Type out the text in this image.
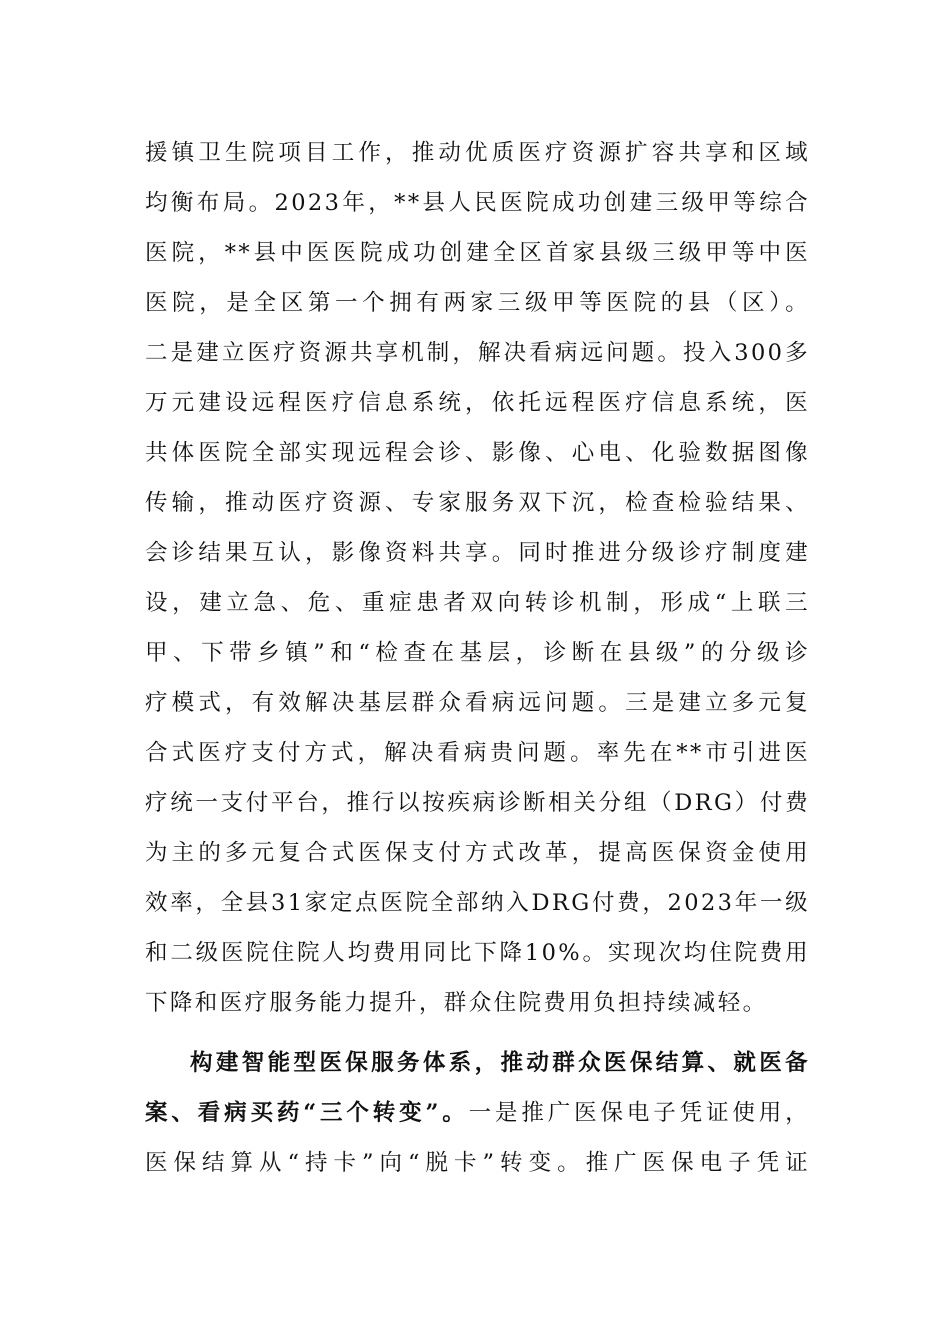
援镇卫生院项目工作，推动优质医疗资源扩容共享和区域
均衡布局。2023年，**县人民医院成功创建三级甲等综合
医院，**县中医医院成功创建全区首家县级三级甲等中医
医院，是全区第一个拥有两家三级甲等医院的县（区）。
二是建立医疗资源共享机制，解决看病远问题。投入300多
万元建设远程医疗信息系统，依托远程医疗信息系统，医
共体医院全部实现远程会诊、影像、心电、化验数据图像
传输，推动医疗资源、专家服务双下沉，检查检验结果、
会诊结果互认，影像资料共享。同时推进分级诊疗制度建
设，建立急、危、重症患者双向转诊机制，形成“上联三
甲、下带乡镇”和“检查在基层，诊断在县级”的分级诊
疗模式，有效解决基层群众看病远问题。三是建立多元复
合式医疗支付方式，解决看病贵问题。率先在**市引进医
疗统一支付平台，推行以按疾病诊断相关分组（DRG）付费
为主的多元复合式医保支付方式改革，提高医保资金使用
效率，全县31家定点医院全部纳入DRG付费，2023年一级
和二级医院住院人均费用同比下降10%。实现次均住院费用
下降和医疗服务能力提升，群众住院费用负担持续减轻。
构建智能型医保服务体系，推动群众医保结算、就医备
案、看病买药“三个转变”。一是推广医保电子凭证使用，
医保结算从“持卡”向“脱卡”转变。推广医保电子凭证
